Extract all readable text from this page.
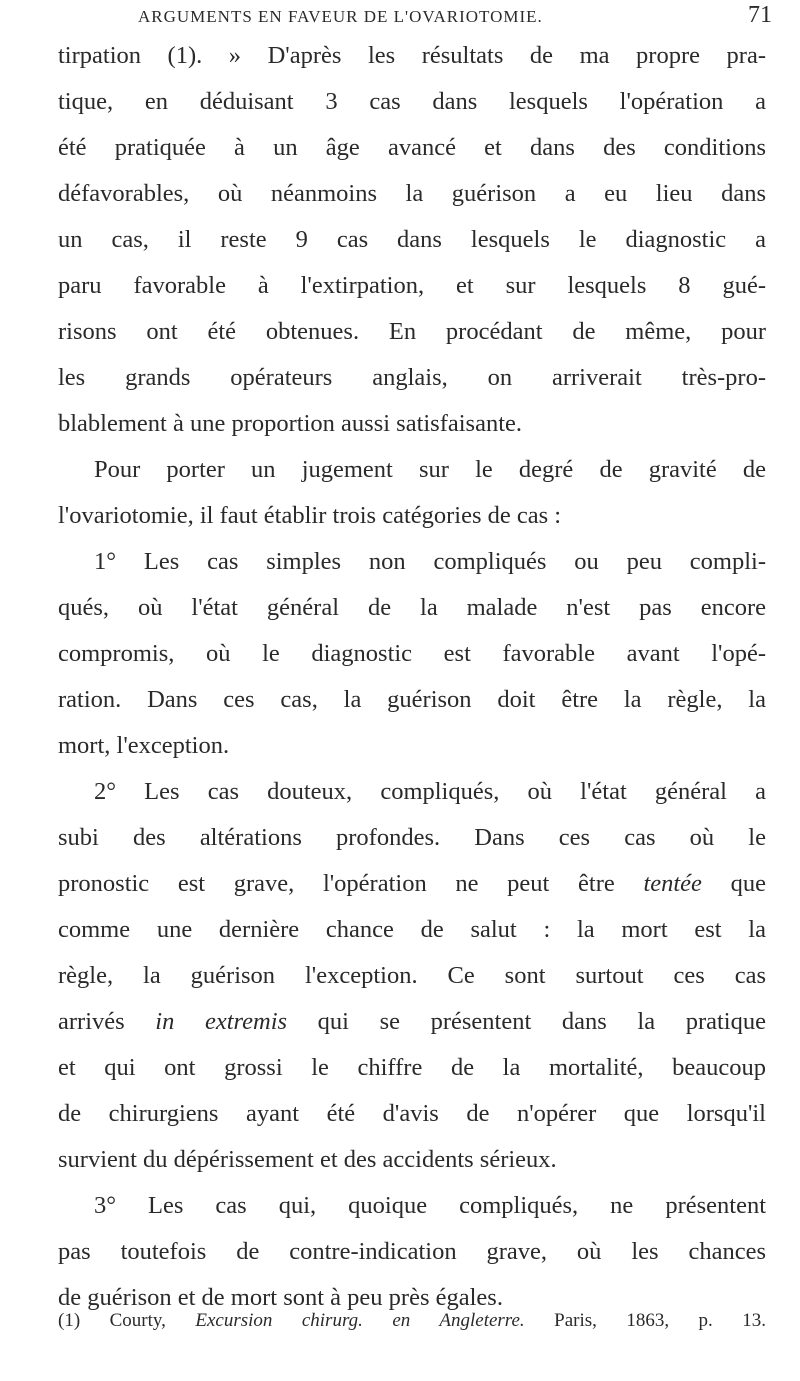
ARGUMENTS EN FAVEUR DE L'OVARIOTOMIE.	71
tirpation (1). » D'après les résultats de ma propre pra-
tique, en déduisant 3 cas dans lesquels l'opération a
été pratiquée à un âge avancé et dans des conditions
défavorables, où néanmoins la guérison a eu lieu dans
un cas, il reste 9 cas dans lesquels le diagnostic a
paru favorable à l'extirpation, et sur lesquels 8 gué-
risons ont été obtenues. En procédant de même, pour
les grands opérateurs anglais, on arriverait très-pro-
blablement à une proportion aussi satisfaisante.
Pour porter un jugement sur le degré de gravité de
l'ovariotomie, il faut établir trois catégories de cas :
1° Les cas simples non compliqués ou peu compli-
qués, où l'état général de la malade n'est pas encore
compromis, où le diagnostic est favorable avant l'opé-
ration. Dans ces cas, la guérison doit être la règle, la
mort, l'exception.
2° Les cas douteux, compliqués, où l'état général a
subi des altérations profondes. Dans ces cas où le
pronostic est grave, l'opération ne peut être tentée que
comme une dernière chance de salut : la mort est la
règle, la guérison l'exception. Ce sont surtout ces cas
arrivés in extremis qui se présentent dans la pratique
et qui ont grossi le chiffre de la mortalité, beaucoup
de chirurgiens ayant été d'avis de n'opérer que lorsqu'il
survient du dépérissement et des accidents sérieux.
3° Les cas qui, quoique compliqués, ne présentent
pas toutefois de contre-indication grave, où les chances
de guérison et de mort sont à peu près égales.
(1) Courty, Excursion chirurg. en Angleterre. Paris, 1863, p. 13.
